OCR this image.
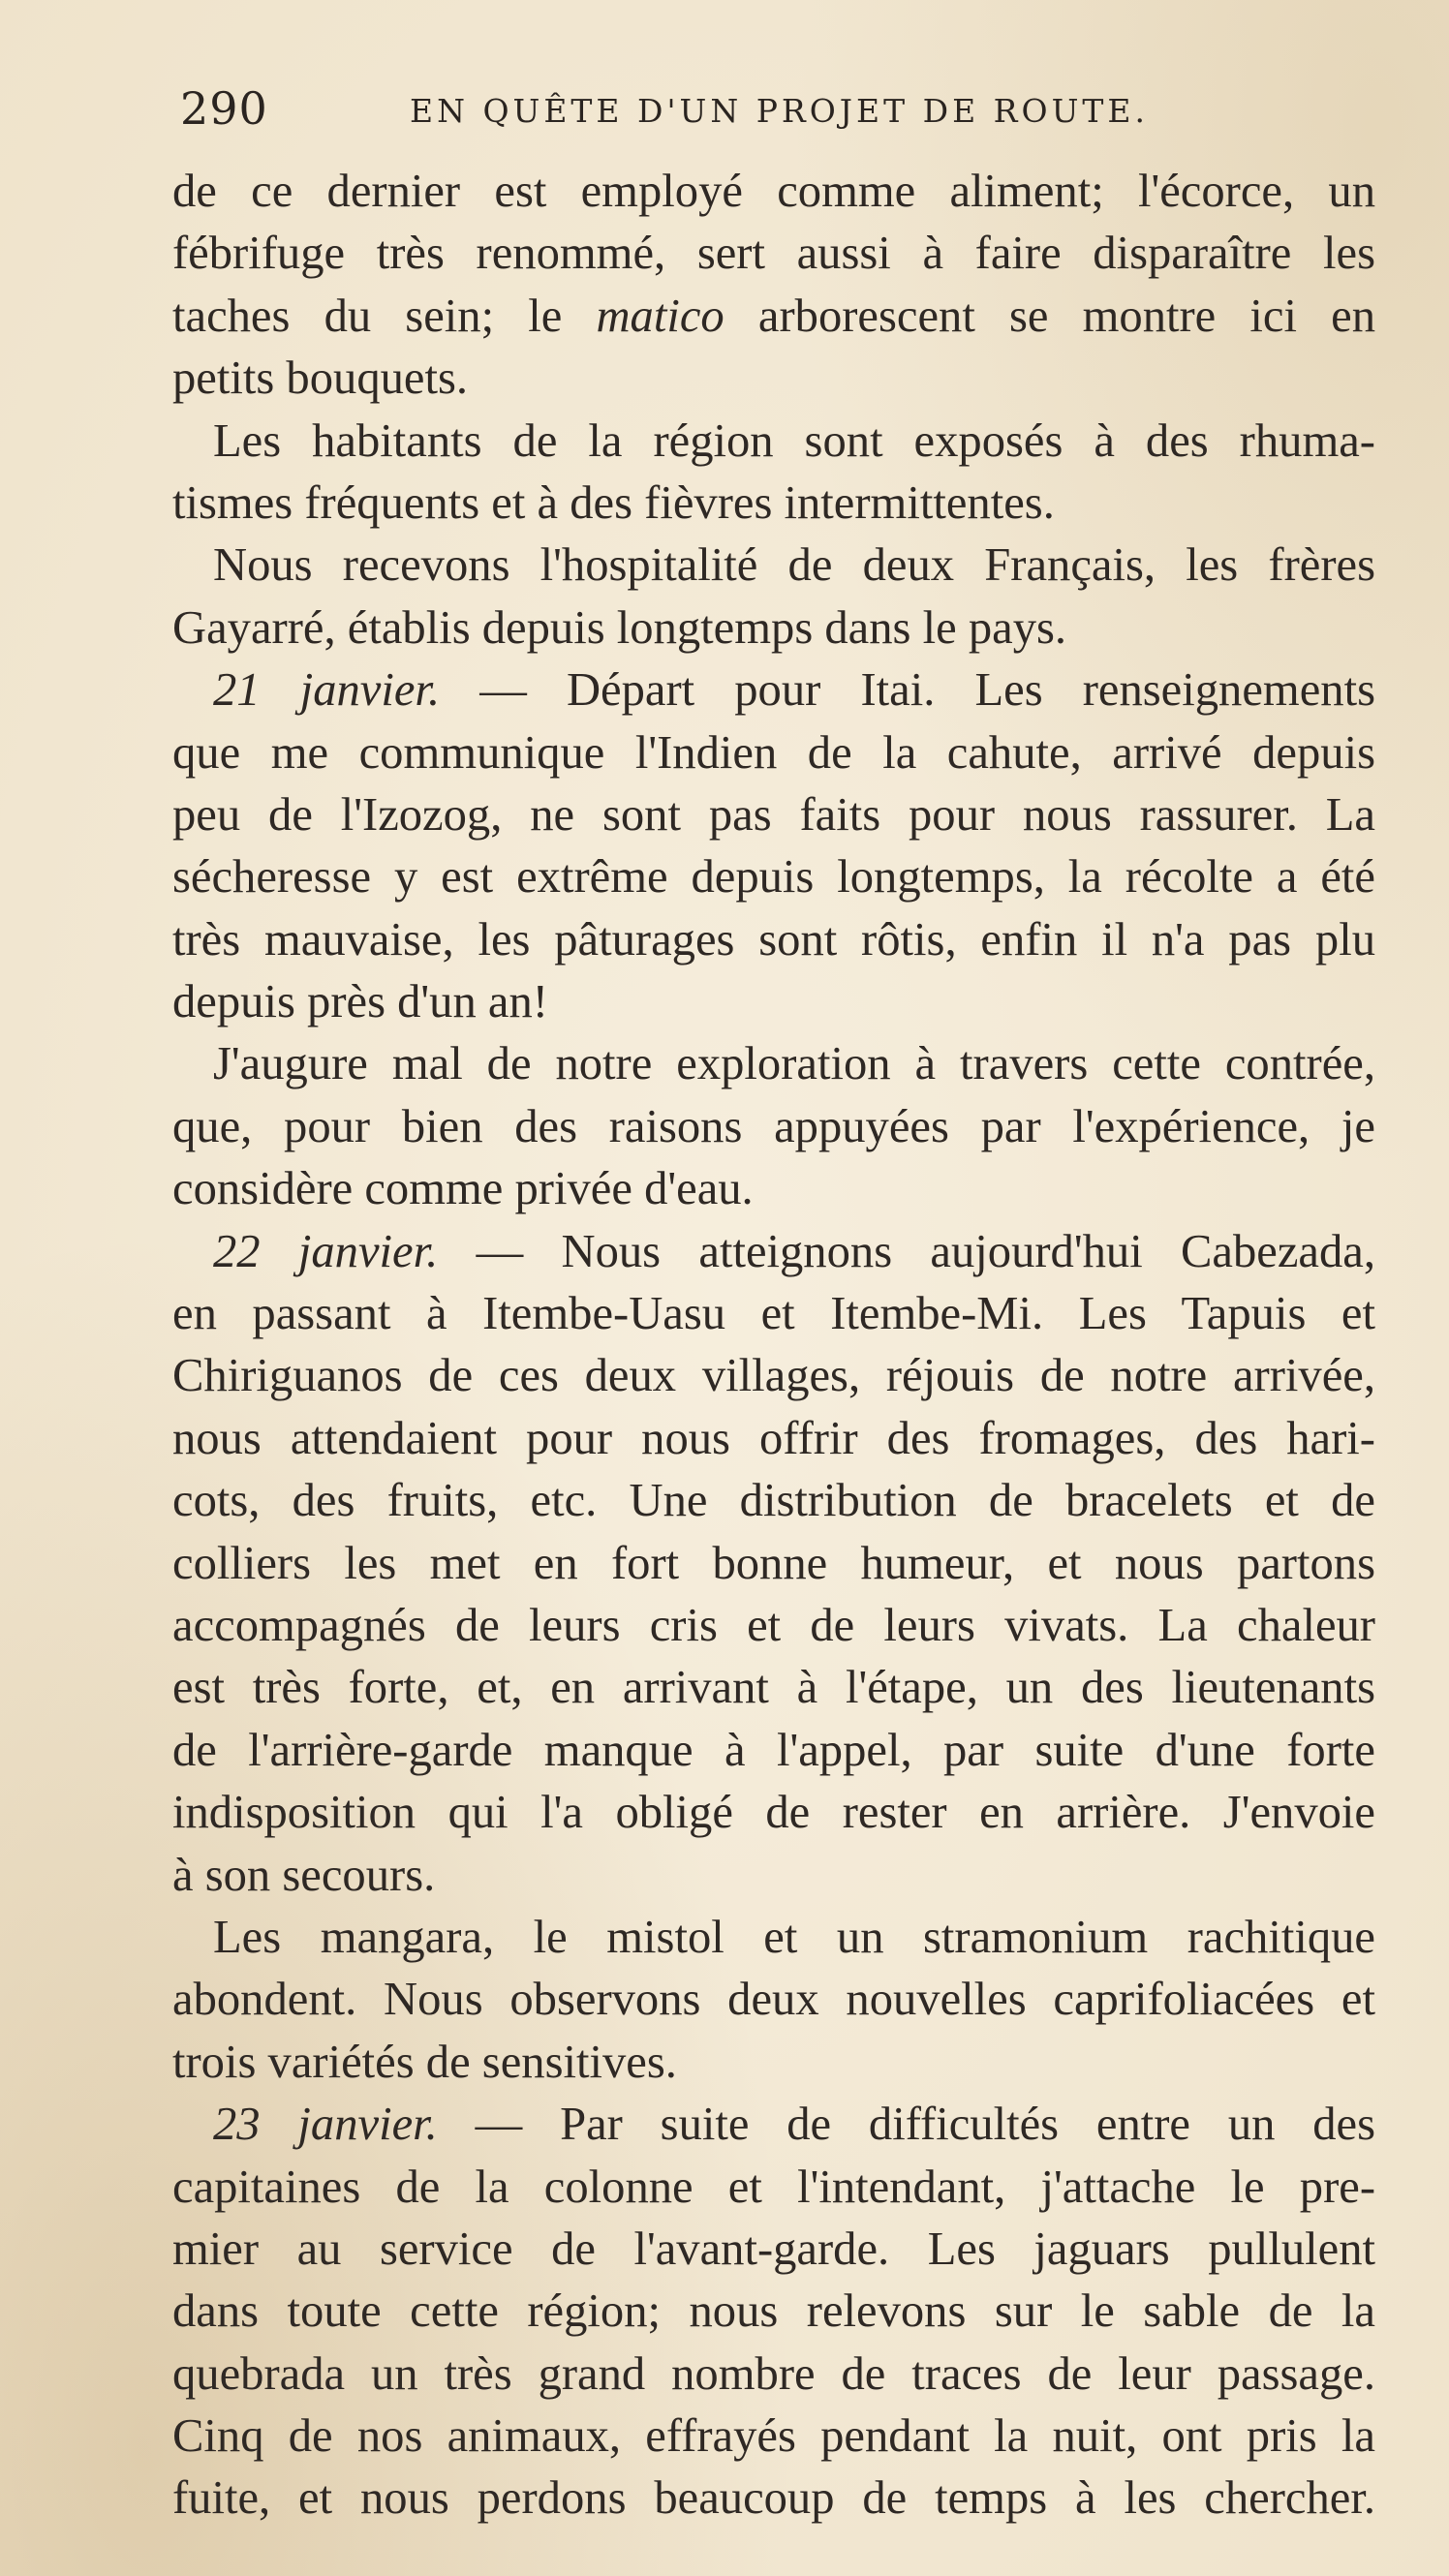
290	EN QUÊTE D'UN PROJET DE ROUTE.
de ce dernier est employé comme aliment; l'écorce, un
fébrifuge très renommé, sert aussi à faire disparaître les
taches du sein; le matico arborescent se montre ici en
petits bouquets.
Les habitants de la région sont exposés à des rhuma-
tismes fréquents et à des fièvres intermittentes.
Nous recevons l'hospitalité de deux Français, les frères
Gayarré, établis depuis longtemps dans le pays.
21 janvier. — Départ pour Itai. Les renseignements
que me communique l'Indien de la cahute, arrivé depuis
peu de l'Izozog, ne sont pas faits pour nous rassurer. La
sécheresse y est extrême depuis longtemps, la récolte a été
très mauvaise, les pâturages sont rôtis, enfin il n'a pas plu
depuis près d'un an!
J'augure mal de notre exploration à travers cette contrée,
que, pour bien des raisons appuyées par l'expérience, je
considère comme privée d'eau.
22 janvier. — Nous atteignons aujourd'hui Cabezada,
en passant à Itembe-Uasu et Itembe-Mi. Les Tapuis et
Chiriguanos de ces deux villages, réjouis de notre arrivée,
nous attendaient pour nous offrir des fromages, des hari-
cots, des fruits, etc. Une distribution de bracelets et de
colliers les met en fort bonne humeur, et nous partons
accompagnés de leurs cris et de leurs vivats. La chaleur
est très forte, et, en arrivant à l'étape, un des lieutenants
de l'arrière-garde manque à l'appel, par suite d'une forte
indisposition qui l'a obligé de rester en arrière. J'envoie
à son secours.
Les mangara, le mistol et un stramonium rachitique
abondent. Nous observons deux nouvelles caprifoliacées et
trois variétés de sensitives.
23 janvier. — Par suite de difficultés entre un des
capitaines de la colonne et l'intendant, j'attache le pre-
mier au service de l'avant-garde. Les jaguars pullulent
dans toute cette région; nous relevons sur le sable de la
quebrada un très grand nombre de traces de leur passage.
Cinq de nos animaux, effrayés pendant la nuit, ont pris la
fuite, et nous perdons beaucoup de temps à les chercher.
